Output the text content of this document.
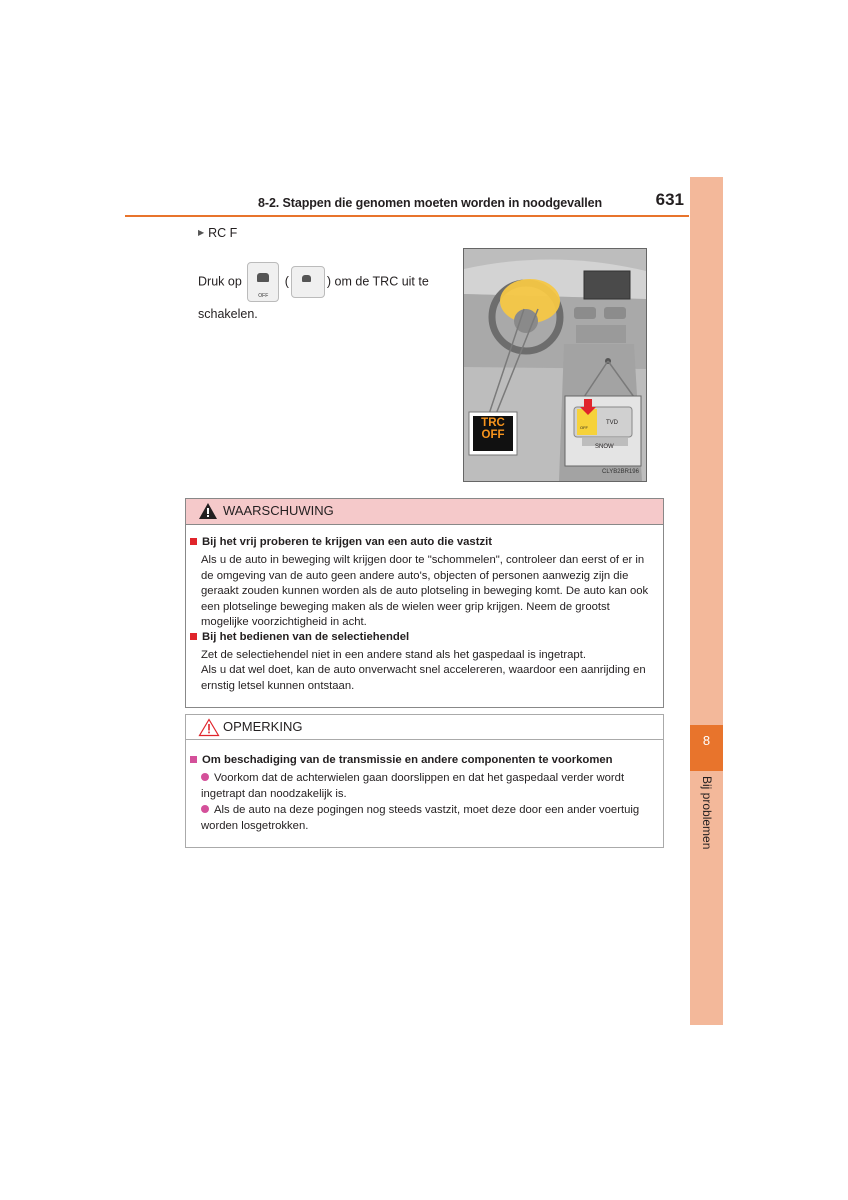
8-2. Stappen die genomen moeten worden in noodgevallen	631
8
Bij problemen
▶ RC F
Druk op
OFF
(	) om de TRC uit te schakelen.
TRC
OFF
TVD
SNOW
OFF
CLYB2BR196
WAARSCHUWING
Bij het vrij proberen te krijgen van een auto die vastzit
Als u de auto in beweging wilt krijgen door te "schommelen", controleer dan eerst of er in de omgeving van de auto geen andere auto's, objecten of personen aanwezig zijn die geraakt zouden kunnen worden als de auto plotseling in beweging komt. De auto kan ook een plotselinge beweging maken als de wielen weer grip krijgen. Neem de grootst mogelijke voorzichtigheid in acht.
Bij het bedienen van de selectiehendel
Zet de selectiehendel niet in een andere stand als het gaspedaal is ingetrapt.
Als u dat wel doet, kan de auto onverwacht snel accelereren, waardoor een aanrijding en ernstig letsel kunnen ontstaan.
OPMERKING
Om beschadiging van de transmissie en andere componenten te voorkomen
Voorkom dat de achterwielen gaan doorslippen en dat het gaspedaal verder wordt ingetrapt dan noodzakelijk is.
Als de auto na deze pogingen nog steeds vastzit, moet deze door een ander voertuig worden losgetrokken.
